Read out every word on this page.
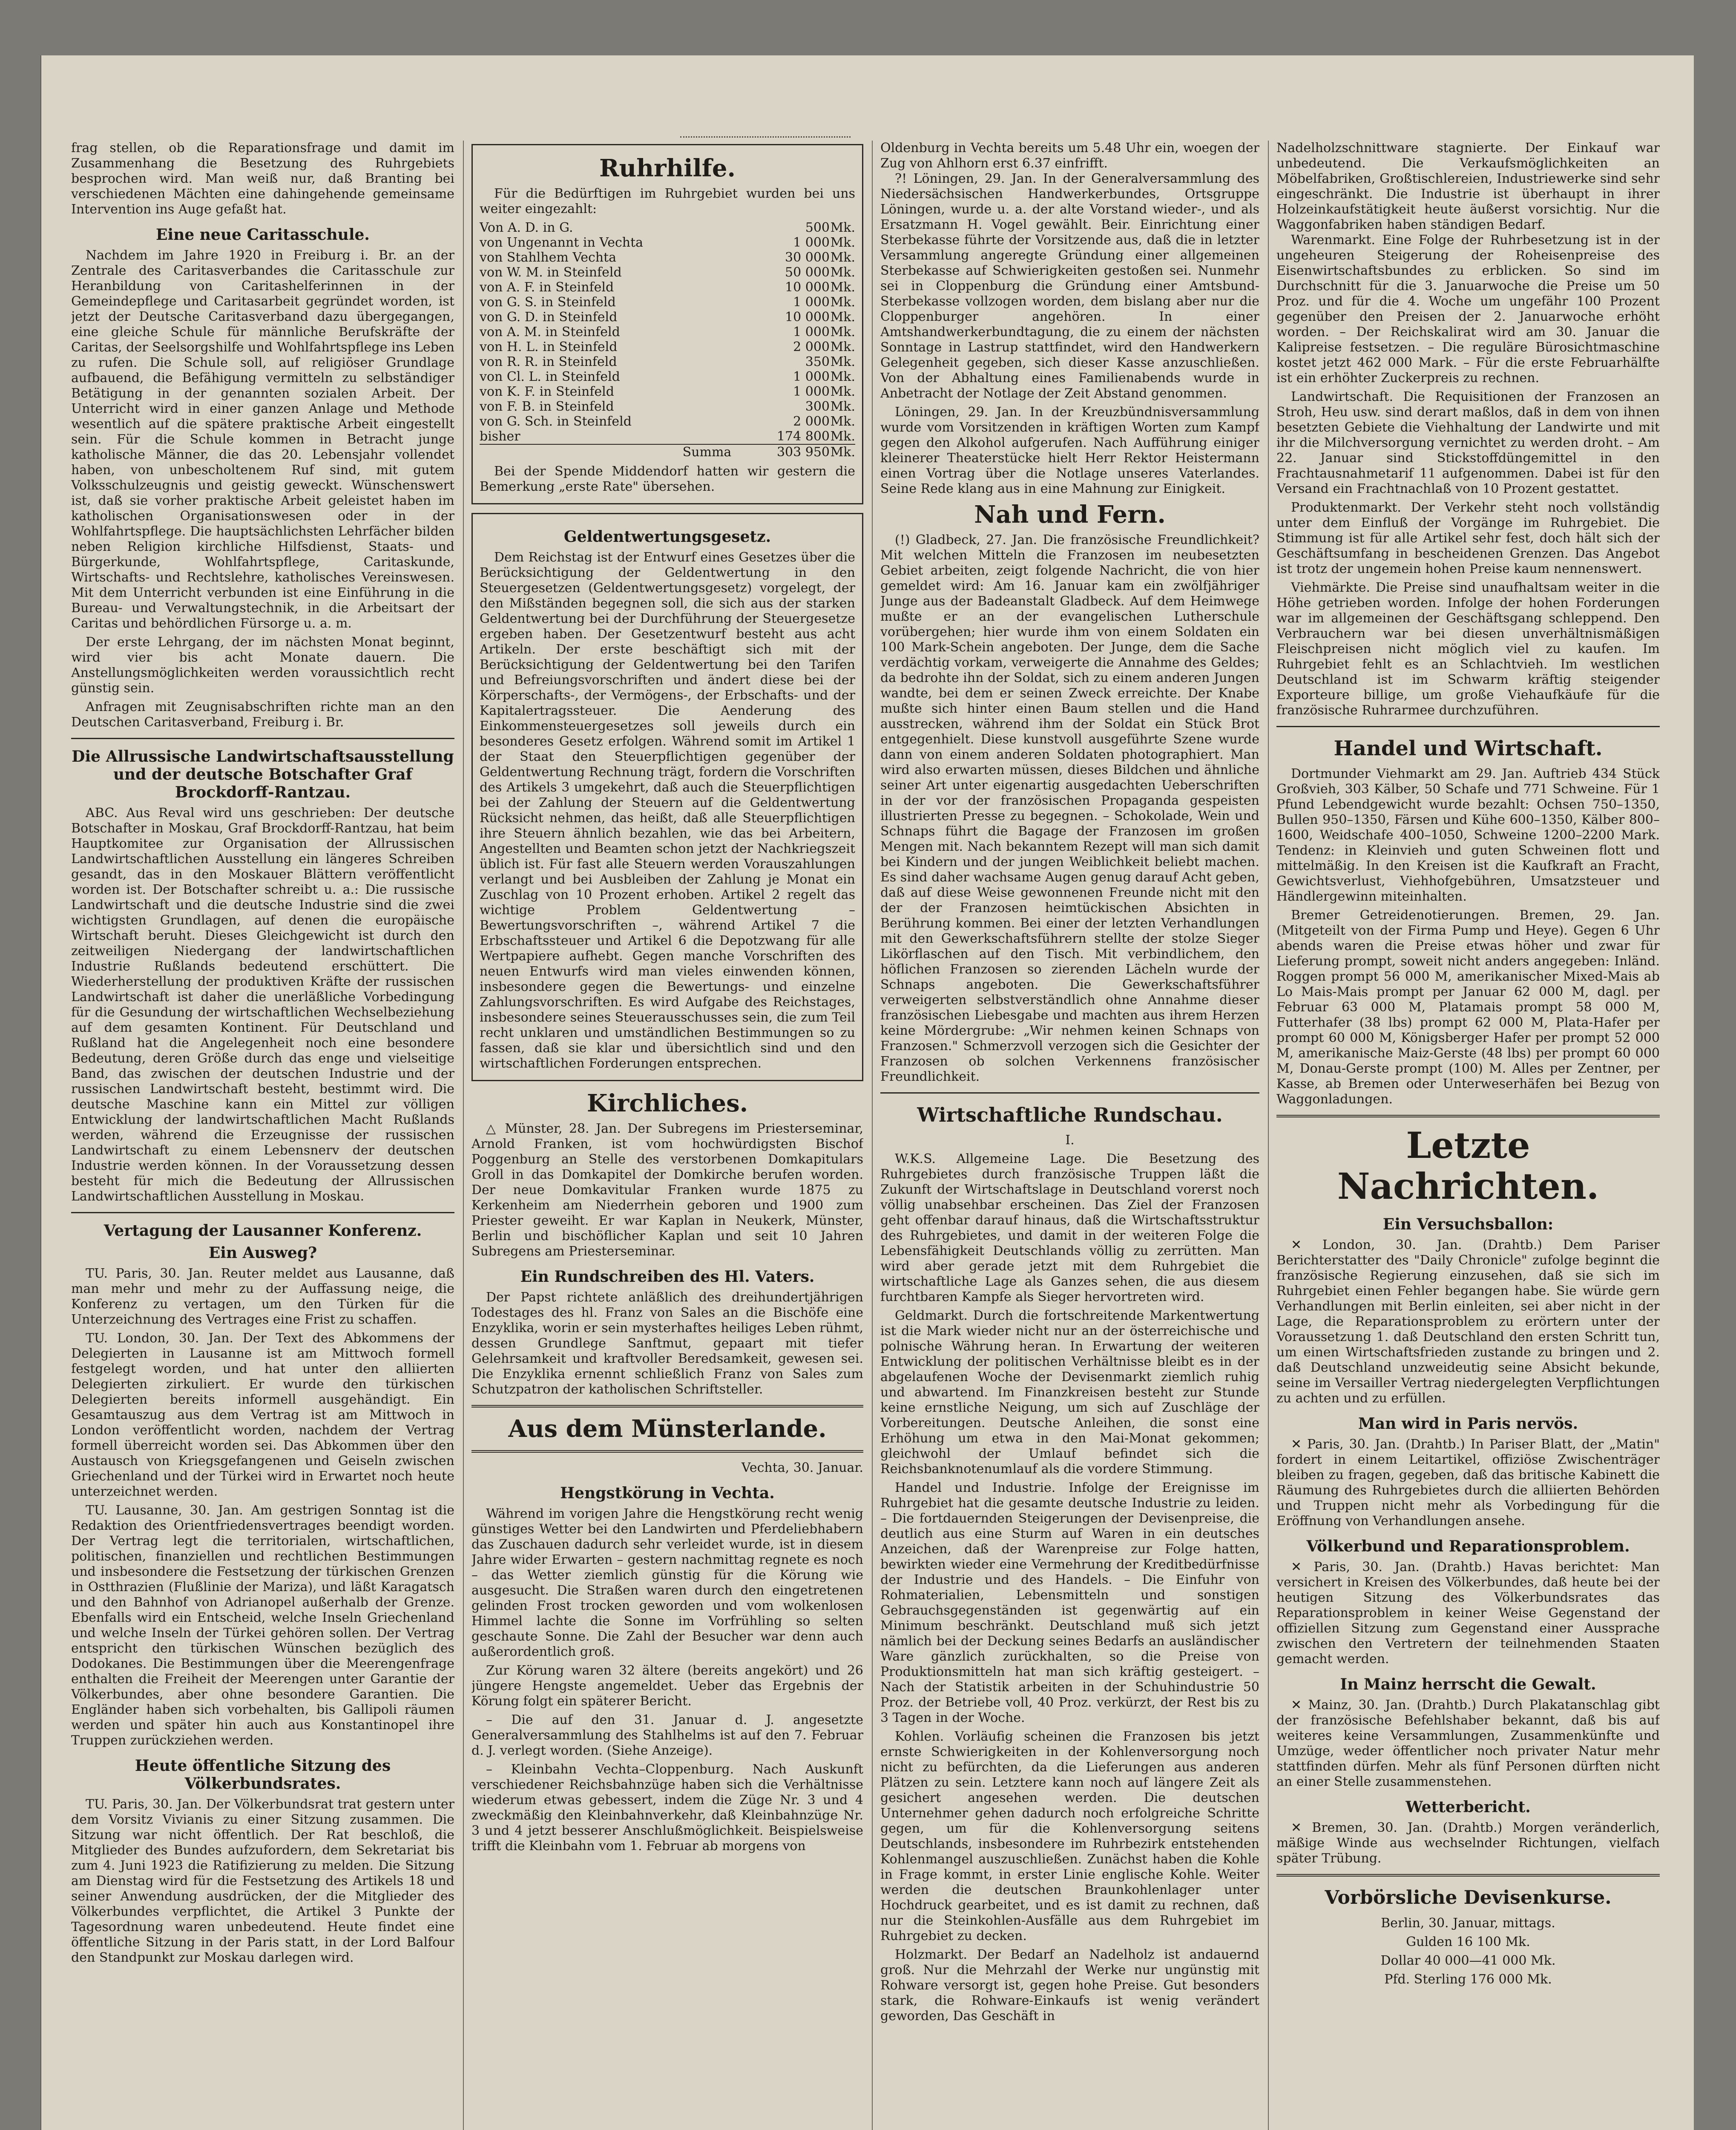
frag stellen, ob die Reparationsfrage und damit im Zusammenhang die Besetzung des Ruhrgebiets besprochen wird. Man weiß nur, daß Branting bei verschiedenen Mächten eine dahingehende gemeinsame Intervention ins Auge gefaßt hat.

Eine neue Caritasschule.

Nachdem im Jahre 1920 in Freiburg i. Br. an der Zentrale des Caritasverbandes die Caritasschule zur Heranbildung von Caritashelferinnen in der Gemeindepflege und Caritasarbeit gegründet worden, ist jetzt der Deutsche Caritasverband dazu übergegangen, eine gleiche Schule für männliche Berufskräfte der Caritas, der Seelsorgshilfe und Wohlfahrtspflege ins Leben zu rufen. Die Schule soll, auf religiöser Grundlage aufbauend, die Befähigung vermitteln zu selbständiger Betätigung in der genannten sozialen Arbeit. Der Unterricht wird in einer ganzen Anlage und Methode wesentlich auf die spätere praktische Arbeit eingestellt sein. Für die Schule kommen in Betracht junge katholische Männer, die das 20. Lebensjahr vollendet haben, von unbescholtenem Ruf sind, mit gutem Volksschulzeugnis und geistig geweckt. Wünschenswert ist, daß sie vorher praktische Arbeit geleistet haben im katholischen Organisationswesen oder in der Wohlfahrtspflege. Die hauptsächlichsten Lehrfächer bilden neben Religion kirchliche Hilfsdienst, Staats- und Bürgerkunde, Wohlfahrtspflege, Caritaskunde, Wirtschafts- und Rechtslehre, katholisches Vereinswesen. Mit dem Unterricht verbunden ist eine Einführung in die Bureau- und Verwaltungstechnik, in die Arbeitsart der Caritas und behördlichen Fürsorge u. a. m.

Der erste Lehrgang, der im nächsten Monat beginnt, wird vier bis acht Monate dauern. Die Anstellungsmöglichkeiten werden voraussichtlich recht günstig sein.

Anfragen mit Zeugnisabschriften richte man an den Deutschen Caritasverband, Freiburg i. Br.

Die Allrussische Landwirtschaftsausstellung und der deutsche Botschafter Graf Brockdorff-Rantzau.

ABC. Aus Reval wird uns geschrieben: Der deutsche Botschafter in Moskau, Graf Brockdorff-Rantzau, hat beim Hauptkomitee zur Organisation der Allrussischen Landwirtschaftlichen Ausstellung ein längeres Schreiben gesandt, das in den Moskauer Blättern veröffentlicht worden ist. Der Botschafter schreibt u. a.: Die russische Landwirtschaft und die deutsche Industrie sind die zwei wichtigsten Grundlagen, auf denen die europäische Wirtschaft beruht. Dieses Gleichgewicht ist durch den zeitweiligen Niedergang der landwirtschaftlichen Industrie Rußlands bedeutend erschüttert. Die Wiederherstellung der produktiven Kräfte der russischen Landwirtschaft ist daher die unerläßliche Vorbedingung für die Gesundung der wirtschaftlichen Wechselbeziehung auf dem gesamten Kontinent. Für Deutschland und Rußland hat die Angelegenheit noch eine besondere Bedeutung, deren Größe durch das enge und vielseitige Band, das zwischen der deutschen Industrie und der russischen Landwirtschaft besteht, bestimmt wird. Die deutsche Maschine kann ein Mittel zur völligen Entwicklung der landwirtschaftlichen Macht Rußlands werden, während die Erzeugnisse der russischen Landwirtschaft zu einem Lebensnerv der deutschen Industrie werden können. In der Voraussetzung dessen besteht für mich die Bedeutung der Allrussischen Landwirtschaftlichen Ausstellung in Moskau.

Vertagung der Lausanner Konferenz.
Ein Ausweg?

TU. Paris, 30. Jan. Reuter meldet aus Lausanne, daß man mehr und mehr zu der Auffassung neige, die Konferenz zu vertagen, um den Türken für die Unterzeichnung des Vertrages eine Frist zu schaffen.

TU. London, 30. Jan. Der Text des Abkommens der Delegierten in Lausanne ist am Mittwoch formell festgelegt worden, und hat unter den alliierten Delegierten zirkuliert. Er wurde den türkischen Delegierten bereits informell ausgehändigt. Ein Gesamtauszug aus dem Vertrag ist am Mittwoch in London veröffentlicht worden, nachdem der Vertrag formell überreicht worden sei. Das Abkommen über den Austausch von Kriegsgefangenen und Geiseln zwischen Griechenland und der Türkei wird in Erwartet noch heute unterzeichnet werden.

TU. Lausanne, 30. Jan. Am gestrigen Sonntag ist die Redaktion des Orientfriedensvertrages beendigt worden. Der Vertrag legt die territorialen, wirtschaftlichen, politischen, finanziellen und rechtlichen Bestimmungen und insbesondere die Festsetzung der türkischen Grenzen in Ostthrazien (Flußlinie der Mariza), und läßt Karagatsch und den Bahnhof von Adrianopel außerhalb der Grenze. Ebenfalls wird ein Entscheid, welche Inseln Griechenland und welche Inseln der Türkei gehören sollen. Der Vertrag entspricht den türkischen Wünschen bezüglich des Dodokanes. Die Bestimmungen über die Meerengenfrage enthalten die Freiheit der Meerengen unter Garantie der Völkerbundes, aber ohne besondere Garantien. Die Engländer haben sich vorbehalten, bis Gallipoli räumen werden und später hin auch aus Konstantinopel ihre Truppen zurückziehen werden.

Heute öffentliche Sitzung des Völkerbundsrates.

TU. Paris, 30. Jan. Der Völkerbundsrat trat gestern unter dem Vorsitz Vivianis zu einer Sitzung zusammen. Die Sitzung war nicht öffentlich. Der Rat beschloß, die Mitglieder des Bundes aufzufordern, dem Sekretariat bis zum 4. Juni 1923 die Ratifizierung zu melden. Die Sitzung am Dienstag wird für die Festsetzung des Artikels 18 und seiner Anwendung ausdrücken, der die Mitglieder des Völkerbundes verpflichtet, die Artikel 3 Punkte der Tagesordnung waren unbedeutend. Heute findet eine öffentliche Sitzung in der Paris statt, in der Lord Balfour den Standpunkt zur Moskau darlegen wird.

Ruhrhilfe.

Für die Bedürftigen im Ruhrgebiet wurden bei uns weiter eingezahlt:

Von A. D. in G.	500	Mk.
von Ungenannt in Vechta	1 000	Mk.
von Stahlhem Vechta	30 000	Mk.
von W. M. in Steinfeld	50 000	Mk.
von A. F. in Steinfeld	10 000	Mk.
von G. S. in Steinfeld	1 000	Mk.
von G. D. in Steinfeld	10 000	Mk.
von A. M. in Steinfeld	1 000	Mk.
von H. L. in Steinfeld	2 000	Mk.
von R. R. in Steinfeld	350	Mk.
von Cl. L. in Steinfeld	1 000	Mk.
von K. F. in Steinfeld	1 000	Mk.
von F. B. in Steinfeld	300	Mk.
von G. Sch. in Steinfeld	2 000	Mk.
bisher	174 800	Mk.
Summa	303 950	Mk.

Bei der Spende Middendorf hatten wir gestern die Bemerkung „erste Rate" übersehen.

Geldentwertungsgesetz.

Dem Reichstag ist der Entwurf eines Gesetzes über die Berücksichtigung der Geldentwertung in den Steuergesetzen (Geldentwertungsgesetz) vorgelegt, der den Mißständen begegnen soll, die sich aus der starken Geldentwertung bei der Durchführung der Steuergesetze ergeben haben. Der Gesetzentwurf besteht aus acht Artikeln. Der erste beschäftigt sich mit der Berücksichtigung der Geldentwertung bei den Tarifen und Befreiungsvorschriften und ändert diese bei der Körperschafts-, der Vermögens-, der Erbschafts- und der Kapitalertragssteuer. Die Aenderung des Einkommensteuergesetzes soll jeweils durch ein besonderes Gesetz erfolgen. Während somit im Artikel 1 der Staat den Steuerpflichtigen gegenüber der Geldentwertung Rechnung trägt, fordern die Vorschriften des Artikels 3 umgekehrt, daß auch die Steuerpflichtigen bei der Zahlung der Steuern auf die Geldentwertung Rücksicht nehmen, das heißt, daß alle Steuerpflichtigen ihre Steuern ähnlich bezahlen, wie das bei Arbeitern, Angestellten und Beamten schon jetzt der Nachkriegszeit üblich ist. Für fast alle Steuern werden Vorauszahlungen verlangt und bei Ausbleiben der Zahlung je Monat ein Zuschlag von 10 Prozent erhoben. Artikel 2 regelt das wichtige Problem Geldentwertung – Bewertungsvorschriften –, während Artikel 7 die Erbschaftssteuer und Artikel 6 die Depotzwang für alle Wertpapiere aufhebt. Gegen manche Vorschriften des neuen Entwurfs wird man vieles einwenden können, insbesondere gegen die Bewertungs- und einzelne Zahlungsvorschriften. Es wird Aufgabe des Reichstages, insbesondere seines Steuerausschusses sein, die zum Teil recht unklaren und umständlichen Bestimmungen so zu fassen, daß sie klar und übersichtlich sind und den wirtschaftlichen Forderungen entsprechen.

Kirchliches.

△ Münster, 28. Jan. Der Subregens im Priesterseminar, Arnold Franken, ist vom hochwürdigsten Bischof Poggenburg an Stelle des verstorbenen Domkapitulars Groll in das Domkapitel der Domkirche berufen worden. Der neue Domkavitular Franken wurde 1875 zu Kerkenheim am Niederrhein geboren und 1900 zum Priester geweiht. Er war Kaplan in Neukerk, Münster, Berlin und bischöflicher Kaplan und seit 10 Jahren Subregens am Priesterseminar.

Ein Rundschreiben des Hl. Vaters.

Der Papst richtete anläßlich des dreihundertjährigen Todestages des hl. Franz von Sales an die Bischöfe eine Enzyklika, worin er sein mysterhaftes heiliges Leben rühmt, dessen Grundlege Sanftmut, gepaart mit tiefer Gelehrsamkeit und kraftvoller Beredsamkeit, gewesen sei. Die Enzyklika ernennt schließlich Franz von Sales zum Schutzpatron der katholischen Schriftsteller.

Aus dem Münsterlande.

Vechta, 30. Januar.

Hengstkörung in Vechta.

Während im vorigen Jahre die Hengstkörung recht wenig günstiges Wetter bei den Landwirten und Pferdeliebhabern das Zuschauen dadurch sehr verleidet wurde, ist in diesem Jahre wider Erwarten – gestern nachmittag regnete es noch – das Wetter ziemlich günstig für die Körung wie ausgesucht. Die Straßen waren durch den eingetretenen gelinden Frost trocken geworden und vom wolkenlosen Himmel lachte die Sonne im Vorfrühling so selten geschaute Sonne. Die Zahl der Besucher war denn auch außerordentlich groß.

Zur Körung waren 32 ältere (bereits angekört) und 26 jüngere Hengste angemeldet. Ueber das Ergebnis der Körung folgt ein späterer Bericht.

– Die auf den 31. Januar d. J. angesetzte Generalversammlung des Stahlhelms ist auf den 7. Februar d. J. verlegt worden. (Siehe Anzeige).

– Kleinbahn Vechta–Cloppenburg. Nach Auskunft verschiedener Reichsbahnzüge haben sich die Verhältnisse wiederum etwas gebessert, indem die Züge Nr. 3 und 4 zweckmäßig den Kleinbahnverkehr, daß Kleinbahnzüge Nr. 3 und 4 jetzt besserer Anschlußmöglichkeit. Beispielsweise trifft die Kleinbahn vom 1. Februar ab morgens von

Oldenburg in Vechta bereits um 5.48 Uhr ein, woegen der Zug von Ahlhorn erst 6.37 einfrifft.

?! Löningen, 29. Jan. In der Generalversammlung des Niedersächsischen Handwerkerbundes, Ortsgruppe Löningen, wurde u. a. der alte Vorstand wieder-, und als Ersatzmann H. Vogel gewählt. Beir. Einrichtung einer Sterbekasse führte der Vorsitzende aus, daß die in letzter Versammlung angeregte Gründung einer allgemeinen Sterbekasse auf Schwierigkeiten gestoßen sei. Nunmehr sei in Cloppenburg die Gründung einer Amtsbund-Sterbekasse vollzogen worden, dem bislang aber nur die Cloppenburger angehören. In einer Amtshandwerkerbundtagung, die zu einem der nächsten Sonntage in Lastrup stattfindet, wird den Handwerkern Gelegenheit gegeben, sich dieser Kasse anzuschließen. Von der Abhaltung eines Familienabends wurde in Anbetracht der Notlage der Zeit Abstand genommen.

Löningen, 29. Jan. In der Kreuzbündnisversammlung wurde vom Vorsitzenden in kräftigen Worten zum Kampf gegen den Alkohol aufgerufen. Nach Aufführung einiger kleinerer Theaterstücke hielt Herr Rektor Heistermann einen Vortrag über die Notlage unseres Vaterlandes. Seine Rede klang aus in eine Mahnung zur Einigkeit.

Nah und Fern.

(!) Gladbeck, 27. Jan. Die französische Freundlichkeit? Mit welchen Mitteln die Franzosen im neubesetzten Gebiet arbeiten, zeigt folgende Nachricht, die von hier gemeldet wird: Am 16. Januar kam ein zwölfjähriger Junge aus der Badeanstalt Gladbeck. Auf dem Heimwege mußte er an der evangelischen Lutherschule vorübergehen; hier wurde ihm von einem Soldaten ein 100 Mark-Schein angeboten. Der Junge, dem die Sache verdächtig vorkam, verweigerte die Annahme des Geldes; da bedrohte ihn der Soldat, sich zu einem anderen Jungen wandte, bei dem er seinen Zweck erreichte. Der Knabe mußte sich hinter einen Baum stellen und die Hand ausstrecken, während ihm der Soldat ein Stück Brot entgegenhielt. Diese kunstvoll ausgeführte Szene wurde dann von einem anderen Soldaten photographiert. Man wird also erwarten müssen, dieses Bildchen und ähnliche seiner Art unter eigenartig ausgedachten Ueberschriften in der vor der französischen Propaganda gespeisten illustrierten Presse zu begegnen. – Schokolade, Wein und Schnaps führt die Bagage der Franzosen im großen Mengen mit. Nach bekanntem Rezept will man sich damit bei Kindern und der jungen Weiblichkeit beliebt machen. Es sind daher wachsame Augen genug darauf Acht geben, daß auf diese Weise gewonnenen Freunde nicht mit den der der Franzosen heimtückischen Absichten in Berührung kommen. Bei einer der letzten Verhandlungen mit den Gewerkschaftsführern stellte der stolze Sieger Likörflaschen auf den Tisch. Mit verbindlichem, den höflichen Franzosen so zierenden Lächeln wurde der Schnaps angeboten. Die Gewerkschaftsführer verweigerten selbstverständlich ohne Annahme dieser französischen Liebesgabe und machten aus ihrem Herzen keine Mördergrube: „Wir nehmen keinen Schnaps von Franzosen." Schmerzvoll verzogen sich die Gesichter der Franzosen ob solchen Verkennens französischer Freundlichkeit.

Wirtschaftliche Rundschau.

I.

W.K.S. Allgemeine Lage. Die Besetzung des Ruhrgebietes durch französische Truppen läßt die Zukunft der Wirtschaftslage in Deutschland vorerst noch völlig unabsehbar erscheinen. Das Ziel der Franzosen geht offenbar darauf hinaus, daß die Wirtschaftsstruktur des Ruhrgebietes, und damit in der weiteren Folge die Lebensfähigkeit Deutschlands völlig zu zerrütten. Man wird aber gerade jetzt mit dem Ruhrgebiet die wirtschaftliche Lage als Ganzes sehen, die aus diesem furchtbaren Kampfe als Sieger hervortreten wird.

Geldmarkt. Durch die fortschreitende Markentwertung ist die Mark wieder nicht nur an der österreichische und polnische Währung heran. In Erwartung der weiteren Entwicklung der politischen Verhältnisse bleibt es in der abgelaufenen Woche der Devisenmarkt ziemlich ruhig und abwartend. Im Finanzkreisen besteht zur Stunde keine ernstliche Neigung, um sich auf Zuschläge der Vorbereitungen. Deutsche Anleihen, die sonst eine Erhöhung um etwa in den Mai-Monat gekommen; gleichwohl der Umlauf befindet sich die Reichsbanknotenumlauf als die vordere Stimmung.

Handel und Industrie. Infolge der Ereignisse im Ruhrgebiet hat die gesamte deutsche Industrie zu leiden. – Die fortdauernden Steigerungen der Devisenpreise, die deutlich aus eine Sturm auf Waren in ein deutsches Anzeichen, daß der Warenpreise zur Folge hatten, bewirkten wieder eine Vermehrung der Kreditbedürfnisse der Industrie und des Handels. – Die Einfuhr von Rohmaterialien, Lebensmitteln und sonstigen Gebrauchsgegenständen ist gegenwärtig auf ein Minimum beschränkt. Deutschland muß sich jetzt nämlich bei der Deckung seines Bedarfs an ausländischer Ware gänzlich zurückhalten, so die Preise von Produktionsmitteln hat man sich kräftig gesteigert. – Nach der Statistik arbeiten in der Schuhindustrie 50 Proz. der Betriebe voll, 40 Proz. verkürzt, der Rest bis zu 3 Tagen in der Woche.

Kohlen. Vorläufig scheinen die Franzosen bis jetzt ernste Schwierigkeiten in der Kohlenversorgung noch nicht zu befürchten, da die Lieferungen aus anderen Plätzen zu sein. Letztere kann noch auf längere Zeit als gesichert angesehen werden. Die deutschen Unternehmer gehen dadurch noch erfolgreiche Schritte gegen, um für die Kohlenversorgung seitens Deutschlands, insbesondere im Ruhrbezirk entstehenden Kohlenmangel auszuschließen. Zunächst haben die Kohle in Frage kommt, in erster Linie englische Kohle. Weiter werden die deutschen Braunkohlenlager unter Hochdruck gearbeitet, und es ist damit zu rechnen, daß nur die Steinkohlen-Ausfälle aus dem Ruhrgebiet im Ruhrgebiet zu decken.

Holzmarkt. Der Bedarf an Nadelholz ist andauernd groß. Nur die Mehrzahl der Werke nur ungünstig mit Rohware versorgt ist, gegen hohe Preise. Gut besonders stark, die Rohware-Einkaufs ist wenig verändert geworden, Das Geschäft in

Nadelholzschnittware stagnierte. Der Einkauf war unbedeutend. Die Verkaufsmöglichkeiten an Möbelfabriken, Großtischlereien, Industriewerke sind sehr eingeschränkt. Die Industrie ist überhaupt in ihrer Holzeinkaufstätigkeit heute äußerst vorsichtig. Nur die Waggonfabriken haben ständigen Bedarf.

Warenmarkt. Eine Folge der Ruhrbesetzung ist in der ungeheuren Steigerung der Roheisenpreise des Eisenwirtschaftsbundes zu erblicken. So sind im Durchschnitt für die 3. Januarwoche die Preise um 50 Proz. und für die 4. Woche um ungefähr 100 Prozent gegenüber den Preisen der 2. Januarwoche erhöht worden. – Der Reichskalirat wird am 30. Januar die Kalipreise festsetzen. – Die reguläre Bürosichtmaschine kostet jetzt 462 000 Mark. – Für die erste Februarhälfte ist ein erhöhter Zuckerpreis zu rechnen.

Landwirtschaft. Die Requisitionen der Franzosen an Stroh, Heu usw. sind derart maßlos, daß in dem von ihnen besetzten Gebiete die Viehhaltung der Landwirte und mit ihr die Milchversorgung vernichtet zu werden droht. – Am 22. Januar sind Stickstoffdüngemittel in den Frachtausnahmetarif 11 aufgenommen. Dabei ist für den Versand ein Frachtnachlaß von 10 Prozent gestattet.

Produktenmarkt. Der Verkehr steht noch vollständig unter dem Einfluß der Vorgänge im Ruhrgebiet. Die Stimmung ist für alle Artikel sehr fest, doch hält sich der Geschäftsumfang in bescheidenen Grenzen. Das Angebot ist trotz der ungemein hohen Preise kaum nennenswert.

Viehmärkte. Die Preise sind unaufhaltsam weiter in die Höhe getrieben worden. Infolge der hohen Forderungen war im allgemeinen der Geschäftsgang schleppend. Den Verbrauchern war bei diesen unverhältnismäßigen Fleischpreisen nicht möglich viel zu kaufen. Im Ruhrgebiet fehlt es an Schlachtvieh. Im westlichen Deutschland ist im Schwarm kräftig steigender Exporteure billige, um große Viehaufkäufe für die französische Ruhrarmee durchzuführen.

Handel und Wirtschaft.

Dortmunder Viehmarkt am 29. Jan. Auftrieb 434 Stück Großvieh, 303 Kälber, 50 Schafe und 771 Schweine. Für 1 Pfund Lebendgewicht wurde bezahlt: Ochsen 750–1350, Bullen 950–1350, Färsen und Kühe 600–1350, Kälber 800–1600, Weidschafe 400–1050, Schweine 1200–2200 Mark. Tendenz: in Kleinvieh und guten Schweinen flott und mittelmäßig. In den Kreisen ist die Kaufkraft an Fracht, Gewichtsverlust, Viehhofgebühren, Umsatzsteuer und Händlergewinn miteinhalten.

Bremer Getreidenotierungen. Bremen, 29. Jan. (Mitgeteilt von der Firma Pump und Heye). Gegen 6 Uhr abends waren die Preise etwas höher und zwar für Lieferung prompt, soweit nicht anders angegeben: Inländ. Roggen prompt 56 000 M, amerikanischer Mixed-Mais ab Lo Mais-Mais prompt per Januar 62 000 M, dagl. per Februar 63 000 M, Platamais prompt 58 000 M, Futterhafer (38 lbs) prompt 62 000 M, Plata-Hafer per prompt 60 000 M, Königsberger Hafer per prompt 52 000 M, amerikanische Maiz-Gerste (48 lbs) per prompt 60 000 M, Donau-Gerste prompt (100) M. Alles per Zentner, per Kasse, ab Bremen oder Unterweserhäfen bei Bezug von Waggonladungen.

Letzte Nachrichten.
Ein Versuchsballon:

✕ London, 30. Jan. (Drahtb.) Dem Pariser Berichterstatter des "Daily Chronicle" zufolge beginnt die französische Regierung einzusehen, daß sie sich im Ruhrgebiet einen Fehler begangen habe. Sie würde gern Verhandlungen mit Berlin einleiten, sei aber nicht in der Lage, die Reparationsproblem zu erörtern unter der Voraussetzung 1. daß Deutschland den ersten Schritt tun, um einen Wirtschaftsfrieden zustande zu bringen und 2. daß Deutschland unzweideutig seine Absicht bekunde, seine im Versailler Vertrag niedergelegten Verpflichtungen zu achten und zu erfüllen.

Man wird in Paris nervös.

✕ Paris, 30. Jan. (Drahtb.) In Pariser Blatt, der „Matin" fordert in einem Leitartikel, offiziöse Zwischenträger bleiben zu fragen, gegeben, daß das britische Kabinett die Räumung des Ruhrgebietes durch die alliierten Behörden und Truppen nicht mehr als Vorbedingung für die Eröffnung von Verhandlungen ansehe.

Völkerbund und Reparationsproblem.

✕ Paris, 30. Jan. (Drahtb.) Havas berichtet: Man versichert in Kreisen des Völkerbundes, daß heute bei der heutigen Sitzung des Völkerbundsrates das Reparationsproblem in keiner Weise Gegenstand der offiziellen Sitzung zum Gegenstand einer Aussprache zwischen den Vertretern der teilnehmenden Staaten gemacht werden.

In Mainz herrscht die Gewalt.

✕ Mainz, 30. Jan. (Drahtb.) Durch Plakatanschlag gibt der französische Befehlshaber bekannt, daß bis auf weiteres keine Versammlungen, Zusammenkünfte und Umzüge, weder öffentlicher noch privater Natur mehr stattfinden dürfen. Mehr als fünf Personen dürften nicht an einer Stelle zusammenstehen.

Wetterbericht.

✕ Bremen, 30. Jan. (Drahtb.) Morgen veränderlich, mäßige Winde aus wechselnder Richtungen, vielfach später Trübung.

Vorbörsliche Devisenkurse.

Berlin, 30. Januar, mittags.

Gulden 16 100 Mk.

Dollar 40 000—41 000 Mk.

Pfd. Sterling 176 000 Mk.
